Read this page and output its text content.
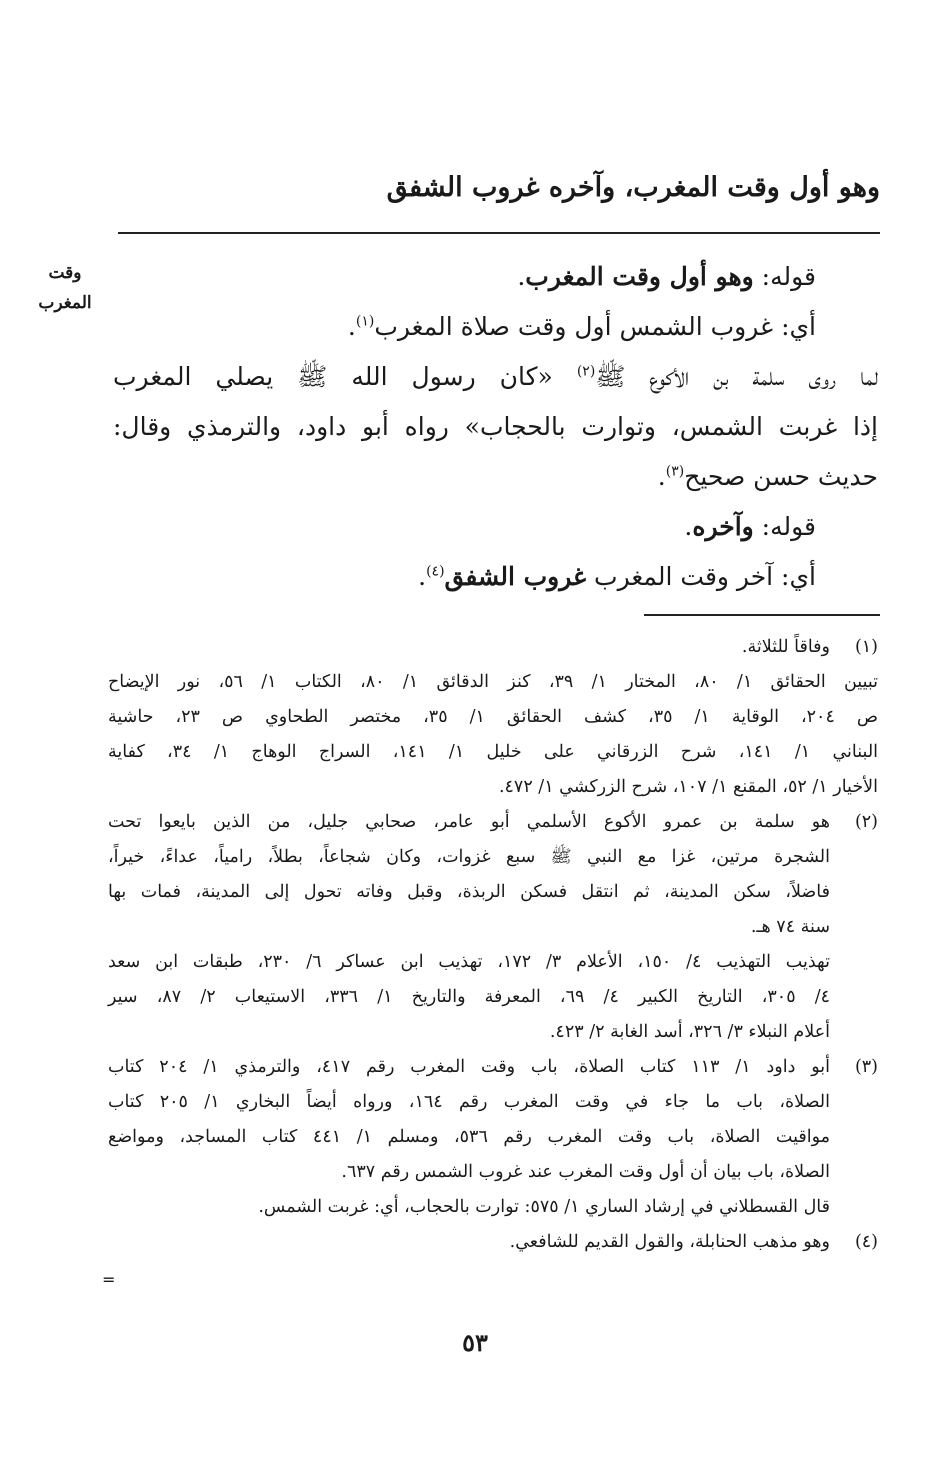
وهو أول وقت المغرب، وآخره غروب الشفق
وقت
المغرب
قوله: وهو أول وقت المغرب.
أي: غروب الشمس أول وقت صلاة المغرب$^{(١)}$.
لما روى سلمة بن الأكوع ﷺ$^{(٢)}$ «كان رسول الله ﷺ يصلي المغرب
إذا غربت الشمس، وتوارت بالحجاب» رواه أبو داود، والترمذي وقال:
حديث حسن صحيح$^{(٣)}$.
قوله: وآخره.
أي: آخر وقت المغرب غروب الشفق$^{(٤)}$.
(١)
وفاقاً للثلاثة.
تبيين الحقائق ١/ ٨٠، المختار ١/ ٣٩، كنز الدقائق ١/ ٨٠، الكتاب ١/ ٥٦، نور الإيضاح
ص ٢٠٤، الوقاية ١/ ٣٥، كشف الحقائق ١/ ٣٥، مختصر الطحاوي ص ٢٣، حاشية
البناني ١/ ١٤١، شرح الزرقاني على خليل ١/ ١٤١، السراج الوهاج ١/ ٣٤، كفاية
الأخيار ١/ ٥٢، المقنع ١/ ١٠٧، شرح الزركشي ١/ ٤٧٢.
(٢)
هو سلمة بن عمرو الأكوع الأسلمي أبو عامر، صحابي جليل، من الذين بايعوا تحت
الشجرة مرتين، غزا مع النبي ﷺ سبع غزوات، وكان شجاعاً، بطلاً، رامياً، عداءً، خيراً،
فاضلاً، سكن المدينة، ثم انتقل فسكن الربذة، وقبل وفاته تحول إلى المدينة، فمات بها
سنة ٧٤ هـ.
تهذيب التهذيب ٤/ ١٥٠، الأعلام ٣/ ١٧٢، تهذيب ابن عساكر ٦/ ٢٣٠، طبقات ابن سعد
٤/ ٣٠٥، التاريخ الكبير ٤/ ٦٩، المعرفة والتاريخ ١/ ٣٣٦، الاستيعاب ٢/ ٨٧، سير
أعلام النبلاء ٣/ ٣٢٦، أسد الغابة ٢/ ٤٢٣.
(٣)
أبو داود ١/ ١١٣ كتاب الصلاة، باب وقت المغرب رقم ٤١٧، والترمذي ١/ ٢٠٤ كتاب
الصلاة، باب ما جاء في وقت المغرب رقم ١٦٤، ورواه أيضاً البخاري ١/ ٢٠٥ كتاب
مواقيت الصلاة، باب وقت المغرب رقم ٥٣٦، ومسلم ١/ ٤٤١ كتاب المساجد، ومواضع
الصلاة، باب بيان أن أول وقت المغرب عند غروب الشمس رقم ٦٣٧.
قال القسطلاني في إرشاد الساري ١/ ٥٧٥: توارت بالحجاب، أي: غربت الشمس.
(٤)
وهو مذهب الحنابلة، والقول القديم للشافعي.
=
٥٣
